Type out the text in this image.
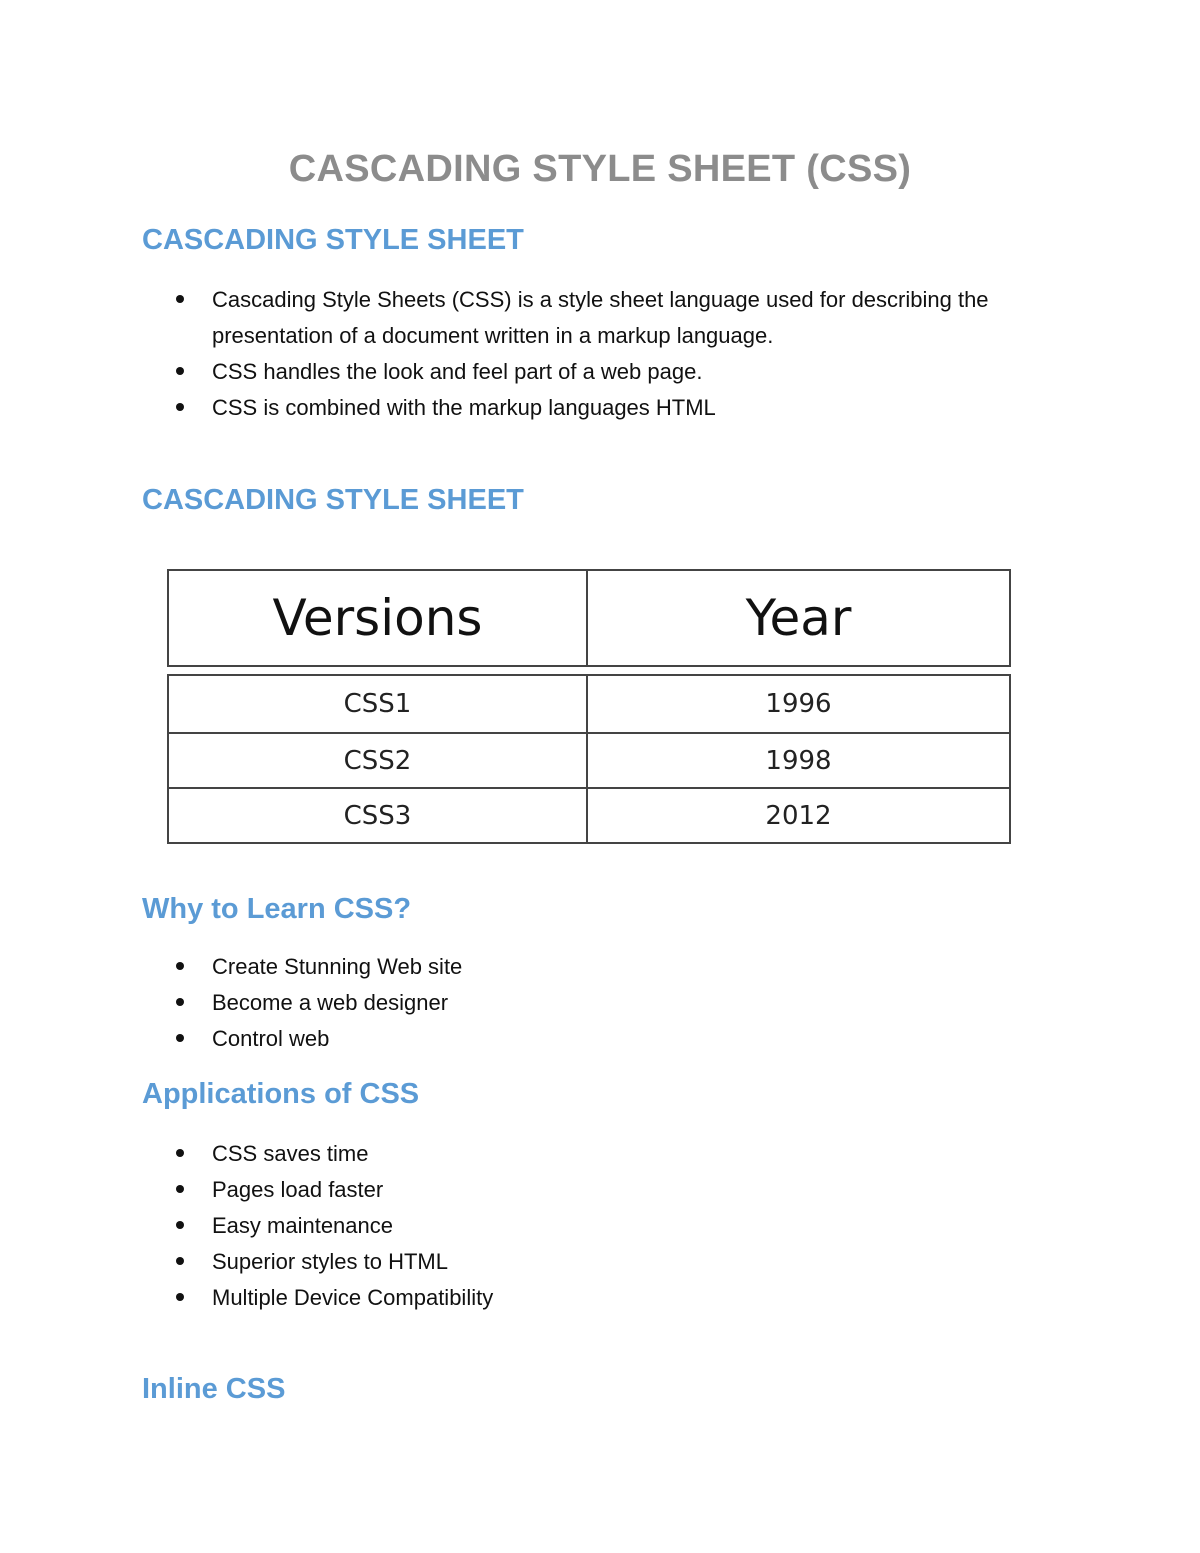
CASCADING STYLE SHEET (CSS)
CASCADING STYLE SHEET
Cascading Style Sheets (CSS) is a style sheet language used for describing the presentation of a document written in a markup language.
CSS handles the look and feel part of a web page.
CSS is combined with the markup languages HTML
CASCADING STYLE SHEET
Versions	Year
CSS1	1996
CSS2	1998
CSS3	2012
Why to Learn CSS?
Create Stunning Web site
Become a web designer
Control web
Applications of CSS
CSS saves time
Pages load faster
Easy maintenance
Superior styles to HTML
Multiple Device Compatibility
Inline CSS
